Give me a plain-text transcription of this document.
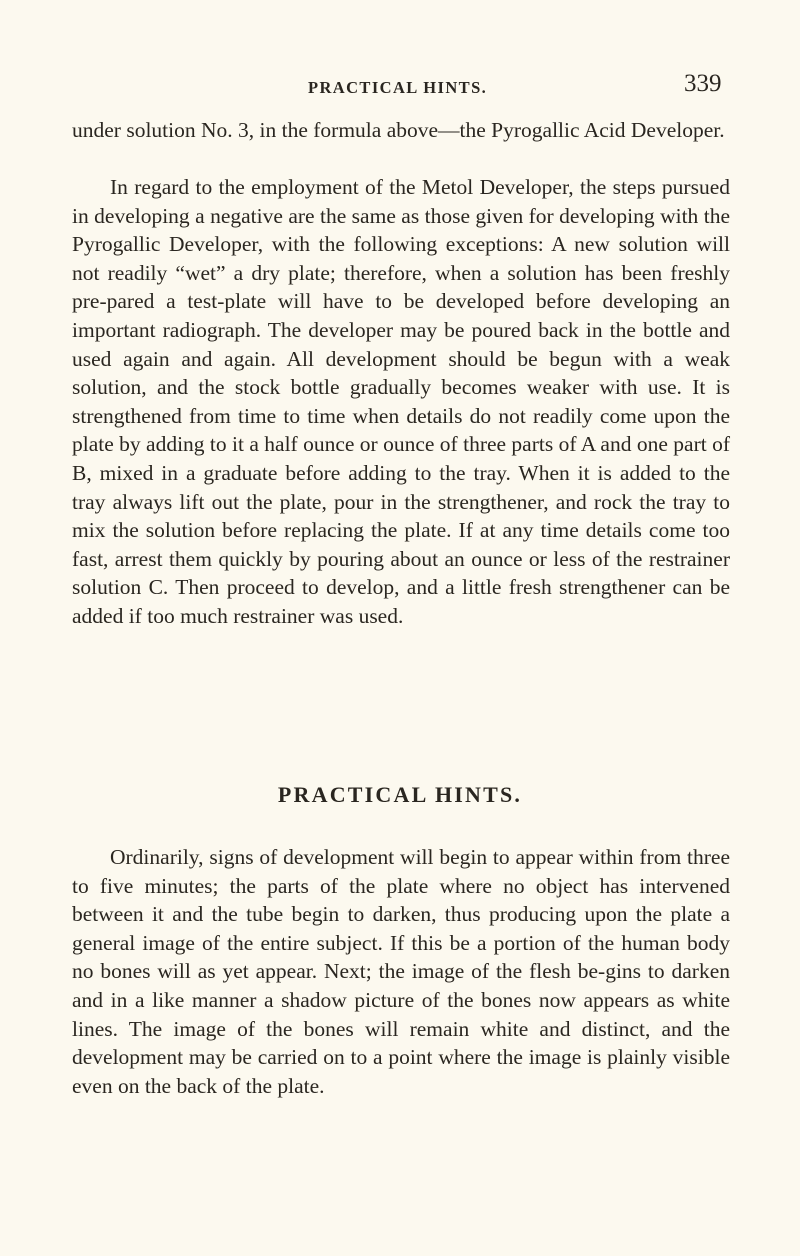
PRACTICAL HINTS.	339

under solution No. 3, in the formula above—the Pyrogallic Acid Developer.

In regard to the employment of the Metol Developer, the steps pursued in developing a negative are the same as those given for developing with the Pyrogallic Developer, with the following exceptions: A new solution will not readily “wet” a dry plate; therefore, when a solution has been freshly pre-pared a test-plate will have to be developed before developing an important radiograph. The developer may be poured back in the bottle and used again and again. All development should be begun with a weak solution, and the stock bottle gradually becomes weaker with use. It is strengthened from time to time when details do not readily come upon the plate by adding to it a half ounce or ounce of three parts of A and one part of B, mixed in a graduate before adding to the tray. When it is added to the tray always lift out the plate, pour in the strengthener, and rock the tray to mix the solution before replacing the plate. If at any time details come too fast, arrest them quickly by pouring about an ounce or less of the restrainer solution C. Then proceed to develop, and a little fresh strengthener can be added if too much restrainer was used.

PRACTICAL HINTS.

Ordinarily, signs of development will begin to appear within from three to five minutes; the parts of the plate where no object has intervened between it and the tube begin to darken, thus producing upon the plate a general image of the entire subject. If this be a portion of the human body no bones will as yet appear. Next; the image of the flesh be-gins to darken and in a like manner a shadow picture of the bones now appears as white lines. The image of the bones will remain white and distinct, and the development may be carried on to a point where the image is plainly visible even on the back of the plate.
